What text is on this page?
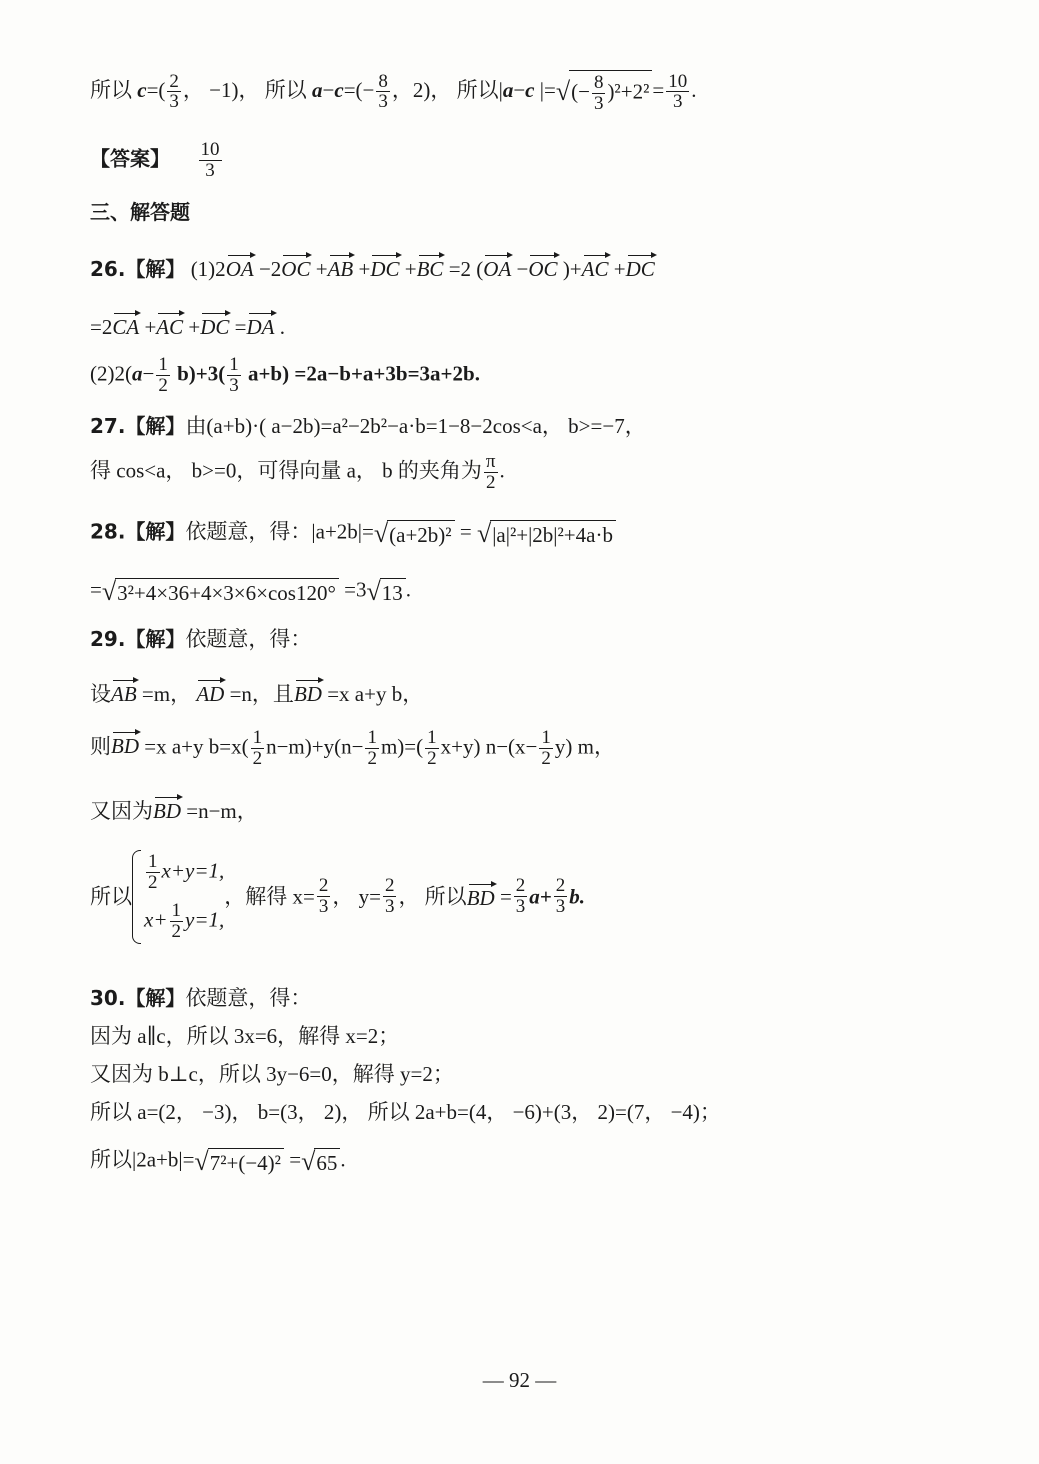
所以 $c=( \frac{2}{3}$ ， −1)， 所以 $a-c=(- \frac{8}{3}$ ，2)， 所以|a−c |=√(− $\frac{8}{3} )^2+2^2 = \frac{10}{3}$ .
【答案】 $\frac{10}{3}$
三、解答题
26.【解】 (1)2OA −2OC +AB +DC +BC =2 (OA −OC )+AC +DC
=2CA +AC +DC =DA .
$(2)2(a- \frac{1}{2} b)+3( \frac{1}{3} a+b) =2a-b+a+3b=3a+2b$.
27.【解】由(a+b)·( a−2b)=a²−2b²−a·b=1−8−2cos<a， b>=−7，
得 cos<a， b>=0，可得向量 a， b 的夹角为 $\frac{\pi}{2}$ .
28.【解】依题意，得：|a+2b|=√(a+2b)² = √|a|²+|2b|²+4a·b
=√3²+4×36+4×3×6×cos120° =3√13 .
29.【解】依题意，得：
设AB =m， AD =n，且BD =x a+y b，
则BD =x a+y $b=x( \frac{1}{2} n-m)+y(n- \frac{1}{2} m)=( \frac{1}{2} x+y)$ $n-(x- \frac{1}{2} y)$ m，
又因为BD =n−m，
所以
$\frac{1}{2} x+y=1$,
$x+ \frac{1}{2} y=1$,
，解得 $x= \frac{2}{3}$ ， $y= \frac{2}{3}$ ， 所以BD = $\frac{2}{3} a+ \frac{2}{3} b$.
30.【解】依题意，得：
因为 a∥c，所以 3x=6，解得 x=2；
又因为 b⊥c，所以 3y−6=0，解得 y=2；
所以 a=(2， −3)， b=(3， 2)， 所以 2a+b=(4， −6)+(3， 2)=(7， −4)；
所以|2a+b|=√7²+(−4)² =√65 .
— 92 —
